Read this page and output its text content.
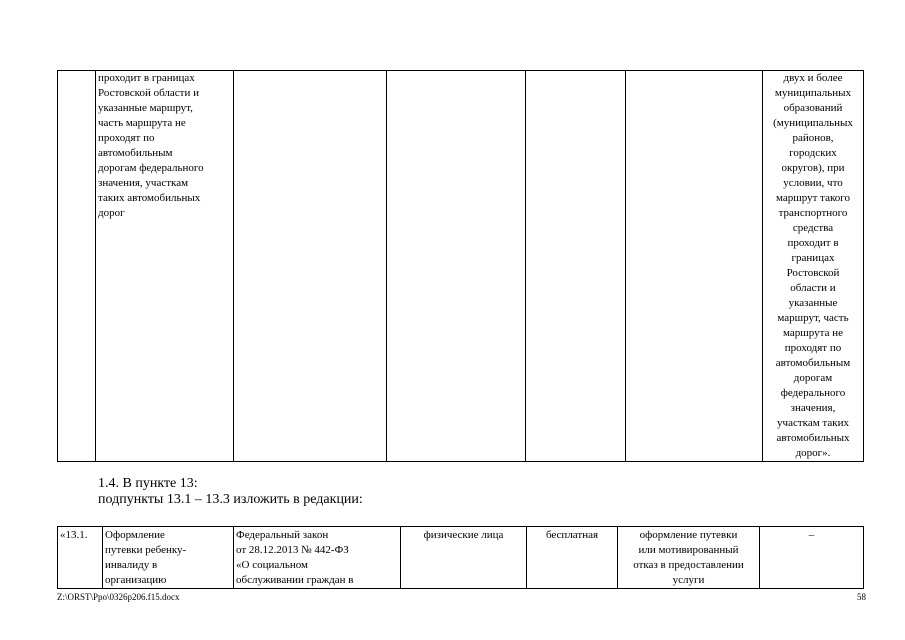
	проходит в границах
Ростовской области и
указанные маршрут,
часть маршрута не
проходят по
автомобильным
дорогам федерального
значения, участкам
таких автомобильных
дорог					двух и более
муниципальных
образований
(муниципальных
районов,
городских
округов), при
условии, что
маршрут такого
транспортного
средства
проходит в
границах
Ростовской
области и
указанные
маршрут, часть
маршрута не
проходят по
автомобильным
дорогам
федерального
значения,
участкам таких
автомобильных
дорог».
1.4. В пункте 13:
подпункты 13.1 – 13.3 изложить в редакции:
«13.1.	Оформление
путевки ребенку-
инвалиду в
организацию	Федеральный закон
от 28.12.2013 № 442-ФЗ
«О социальном
обслуживании граждан в	физические лица	бесплатная	оформление путевки
или мотивированный
отказ в предоставлении
услуги	–
Z:\ORST\Ppo\0326p206.f15.docx	58
